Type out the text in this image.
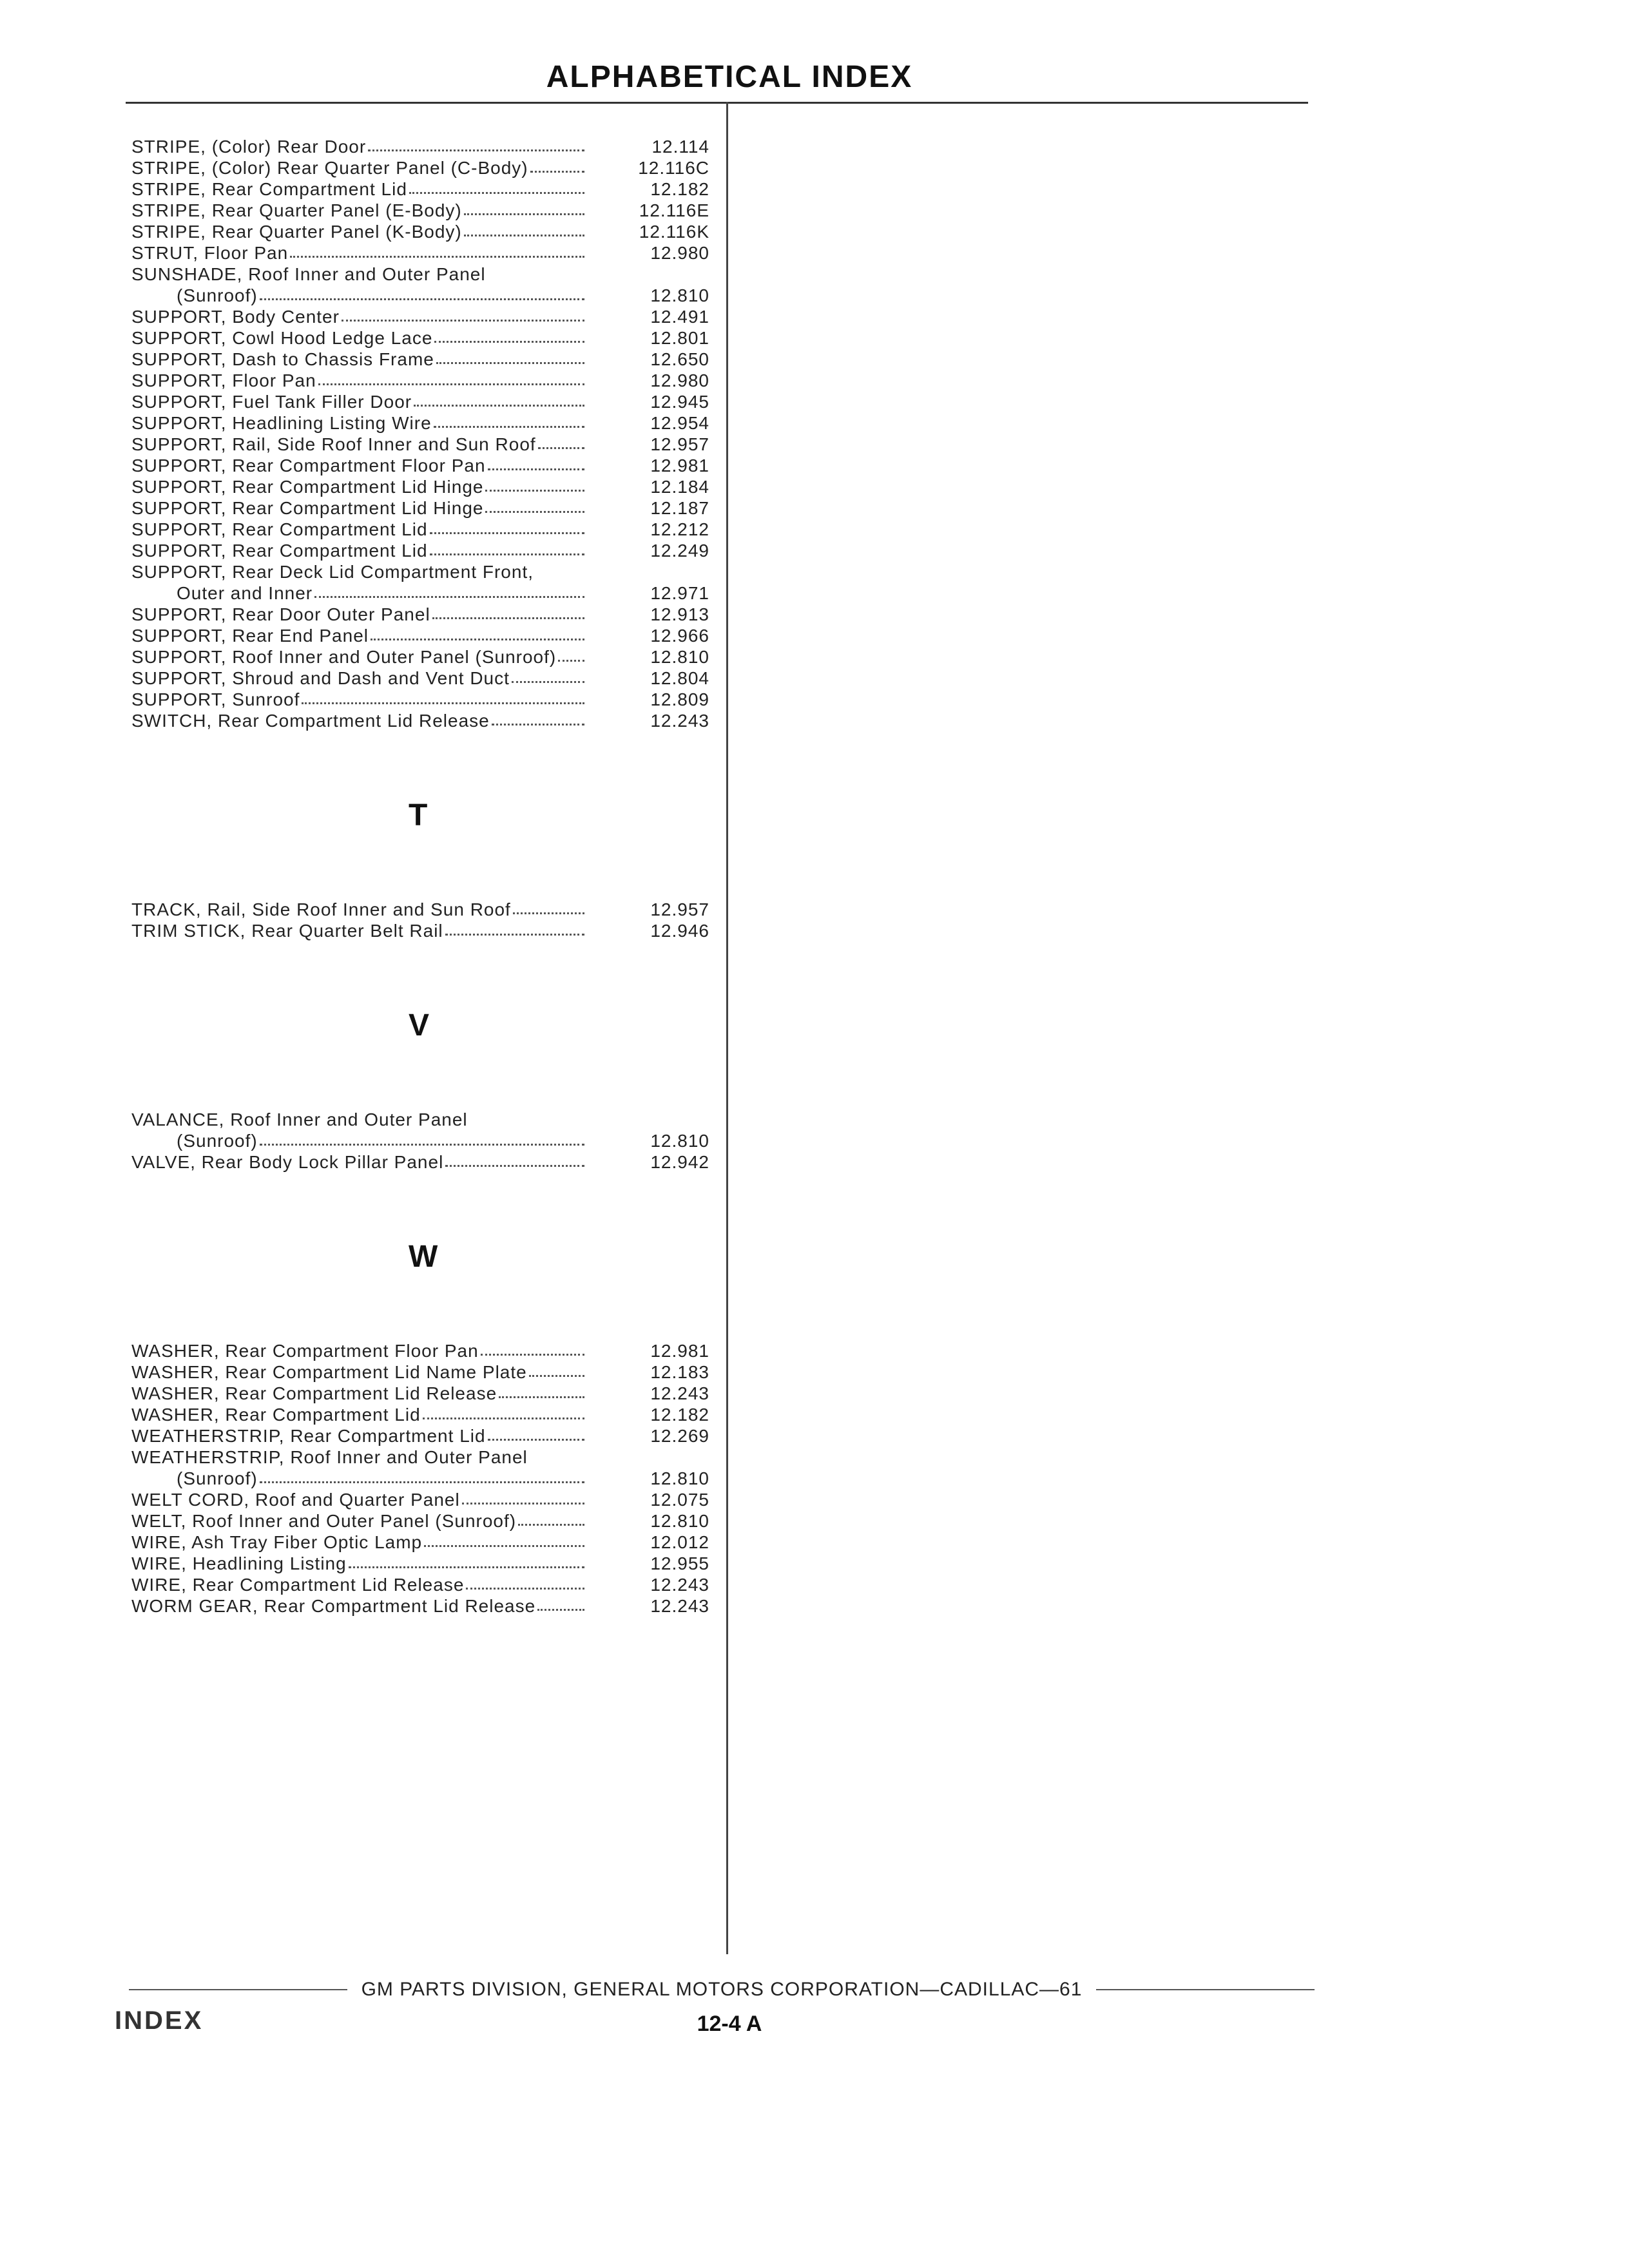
ALPHABETICAL INDEX
STRIPE, (Color) Rear Door	12.114
STRIPE, (Color) Rear Quarter Panel (C-Body)	12.116C
STRIPE, Rear Compartment Lid	12.182
STRIPE, Rear Quarter Panel (E-Body)	12.116E
STRIPE, Rear Quarter Panel (K-Body)	12.116K
STRUT, Floor Pan	12.980
SUNSHADE, Roof Inner and Outer Panel
(Sunroof)	12.810
SUPPORT, Body Center	12.491
SUPPORT, Cowl Hood Ledge Lace	12.801
SUPPORT, Dash to Chassis Frame	12.650
SUPPORT, Floor Pan	12.980
SUPPORT, Fuel Tank Filler Door	12.945
SUPPORT, Headlining Listing Wire	12.954
SUPPORT, Rail, Side Roof Inner and Sun Roof	12.957
SUPPORT, Rear Compartment Floor Pan	12.981
SUPPORT, Rear Compartment Lid Hinge	12.184
SUPPORT, Rear Compartment Lid Hinge	12.187
SUPPORT, Rear Compartment Lid	12.212
SUPPORT, Rear Compartment Lid	12.249
SUPPORT, Rear Deck Lid Compartment Front,
Outer and Inner	12.971
SUPPORT, Rear Door Outer Panel	12.913
SUPPORT, Rear End Panel	12.966
SUPPORT, Roof Inner and Outer Panel (Sunroof)	12.810
SUPPORT, Shroud and Dash and Vent Duct	12.804
SUPPORT, Sunroof	12.809
SWITCH, Rear Compartment Lid Release	12.243
T
TRACK, Rail, Side Roof Inner and Sun Roof	12.957
TRIM STICK, Rear Quarter Belt Rail	12.946
V
VALANCE, Roof Inner and Outer Panel
(Sunroof)	12.810
VALVE, Rear Body Lock Pillar Panel	12.942
W
WASHER, Rear Compartment Floor Pan	12.981
WASHER, Rear Compartment Lid Name Plate	12.183
WASHER, Rear Compartment Lid Release	12.243
WASHER, Rear Compartment Lid	12.182
WEATHERSTRIP, Rear Compartment Lid	12.269
WEATHERSTRIP, Roof Inner and Outer Panel
(Sunroof)	12.810
WELT CORD, Roof and Quarter Panel	12.075
WELT, Roof Inner and Outer Panel (Sunroof)	12.810
WIRE, Ash Tray Fiber Optic Lamp	12.012
WIRE, Headlining Listing	12.955
WIRE, Rear Compartment Lid Release	12.243
WORM GEAR, Rear Compartment Lid Release	12.243
GM PARTS DIVISION, GENERAL MOTORS CORPORATION—CADILLAC—61
INDEX	12-4 A
